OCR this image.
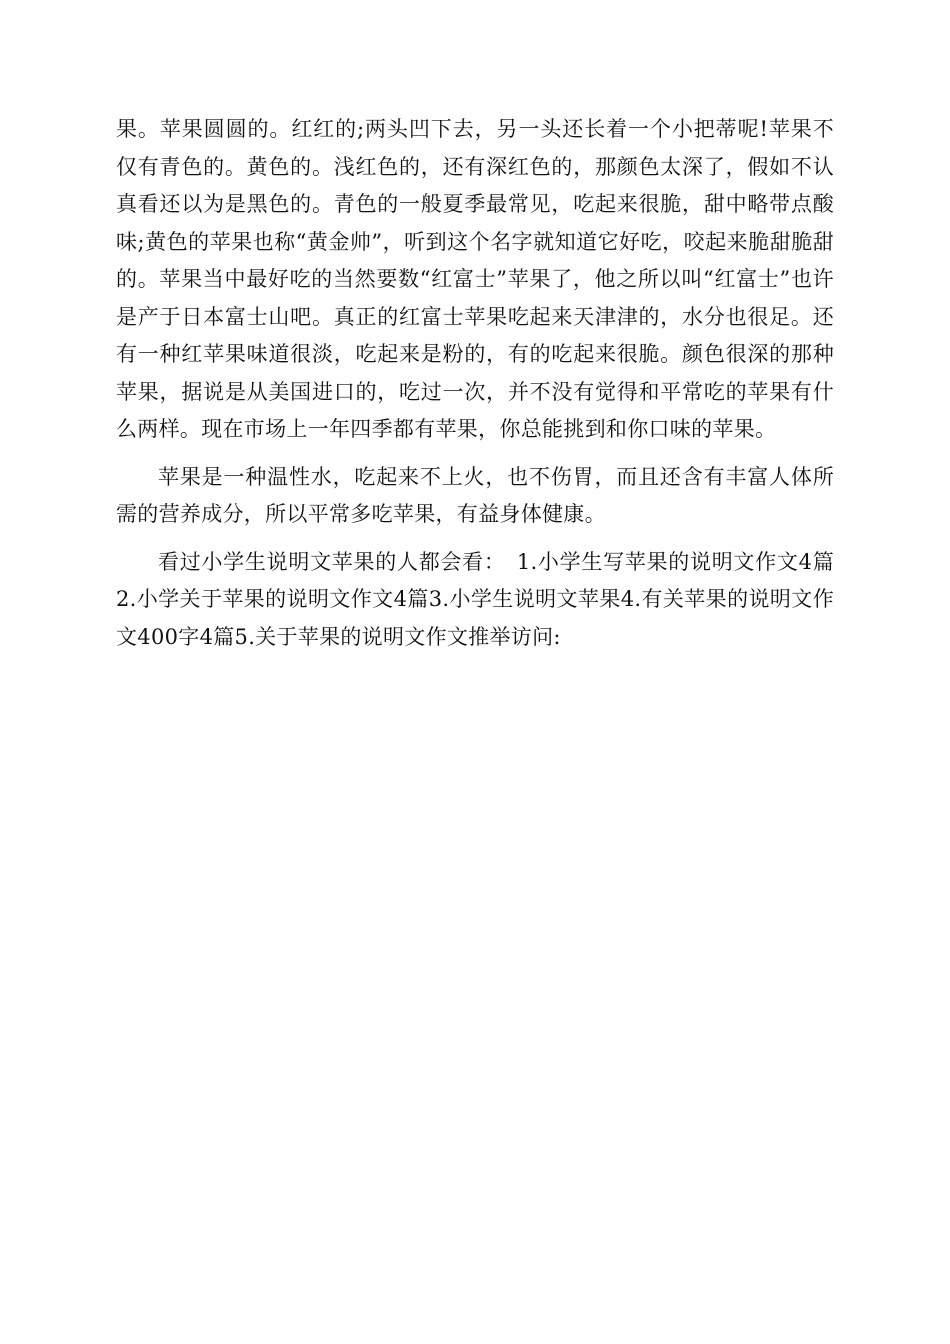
果。苹果圆圆的。红红的;两头凹下去，另一头还长着一个小把蒂呢!苹果不仅有青色的。黄色的。浅红色的，还有深红色的，那颜色太深了，假如不认真看还以为是黑色的。青色的一般夏季最常见，吃起来很脆，甜中略带点酸味;黄色的苹果也称“黄金帅”，听到这个名字就知道它好吃，咬起来脆甜脆甜的。苹果当中最好吃的当然要数“红富士”苹果了，他之所以叫“红富士”也许是产于日本富士山吧。真正的红富士苹果吃起来天津津的，水分也很足。还有一种红苹果味道很淡，吃起来是粉的，有的吃起来很脆。颜色很深的那种苹果，据说是从美国进口的，吃过一次，并不没有觉得和平常吃的苹果有什么两样。现在市场上一年四季都有苹果，你总能挑到和你口味的苹果。

苹果是一种温性水，吃起来不上火，也不伤胃，而且还含有丰富人体所需的营养成分，所以平常多吃苹果，有益身体健康。

看过小学生说明文苹果的人都会看：　1.小学生写苹果的说明文作文4篇2.小学关于苹果的说明文作文4篇3.小学生说明文苹果4.有关苹果的说明文作文400字4篇5.关于苹果的说明文作文推举访问:
